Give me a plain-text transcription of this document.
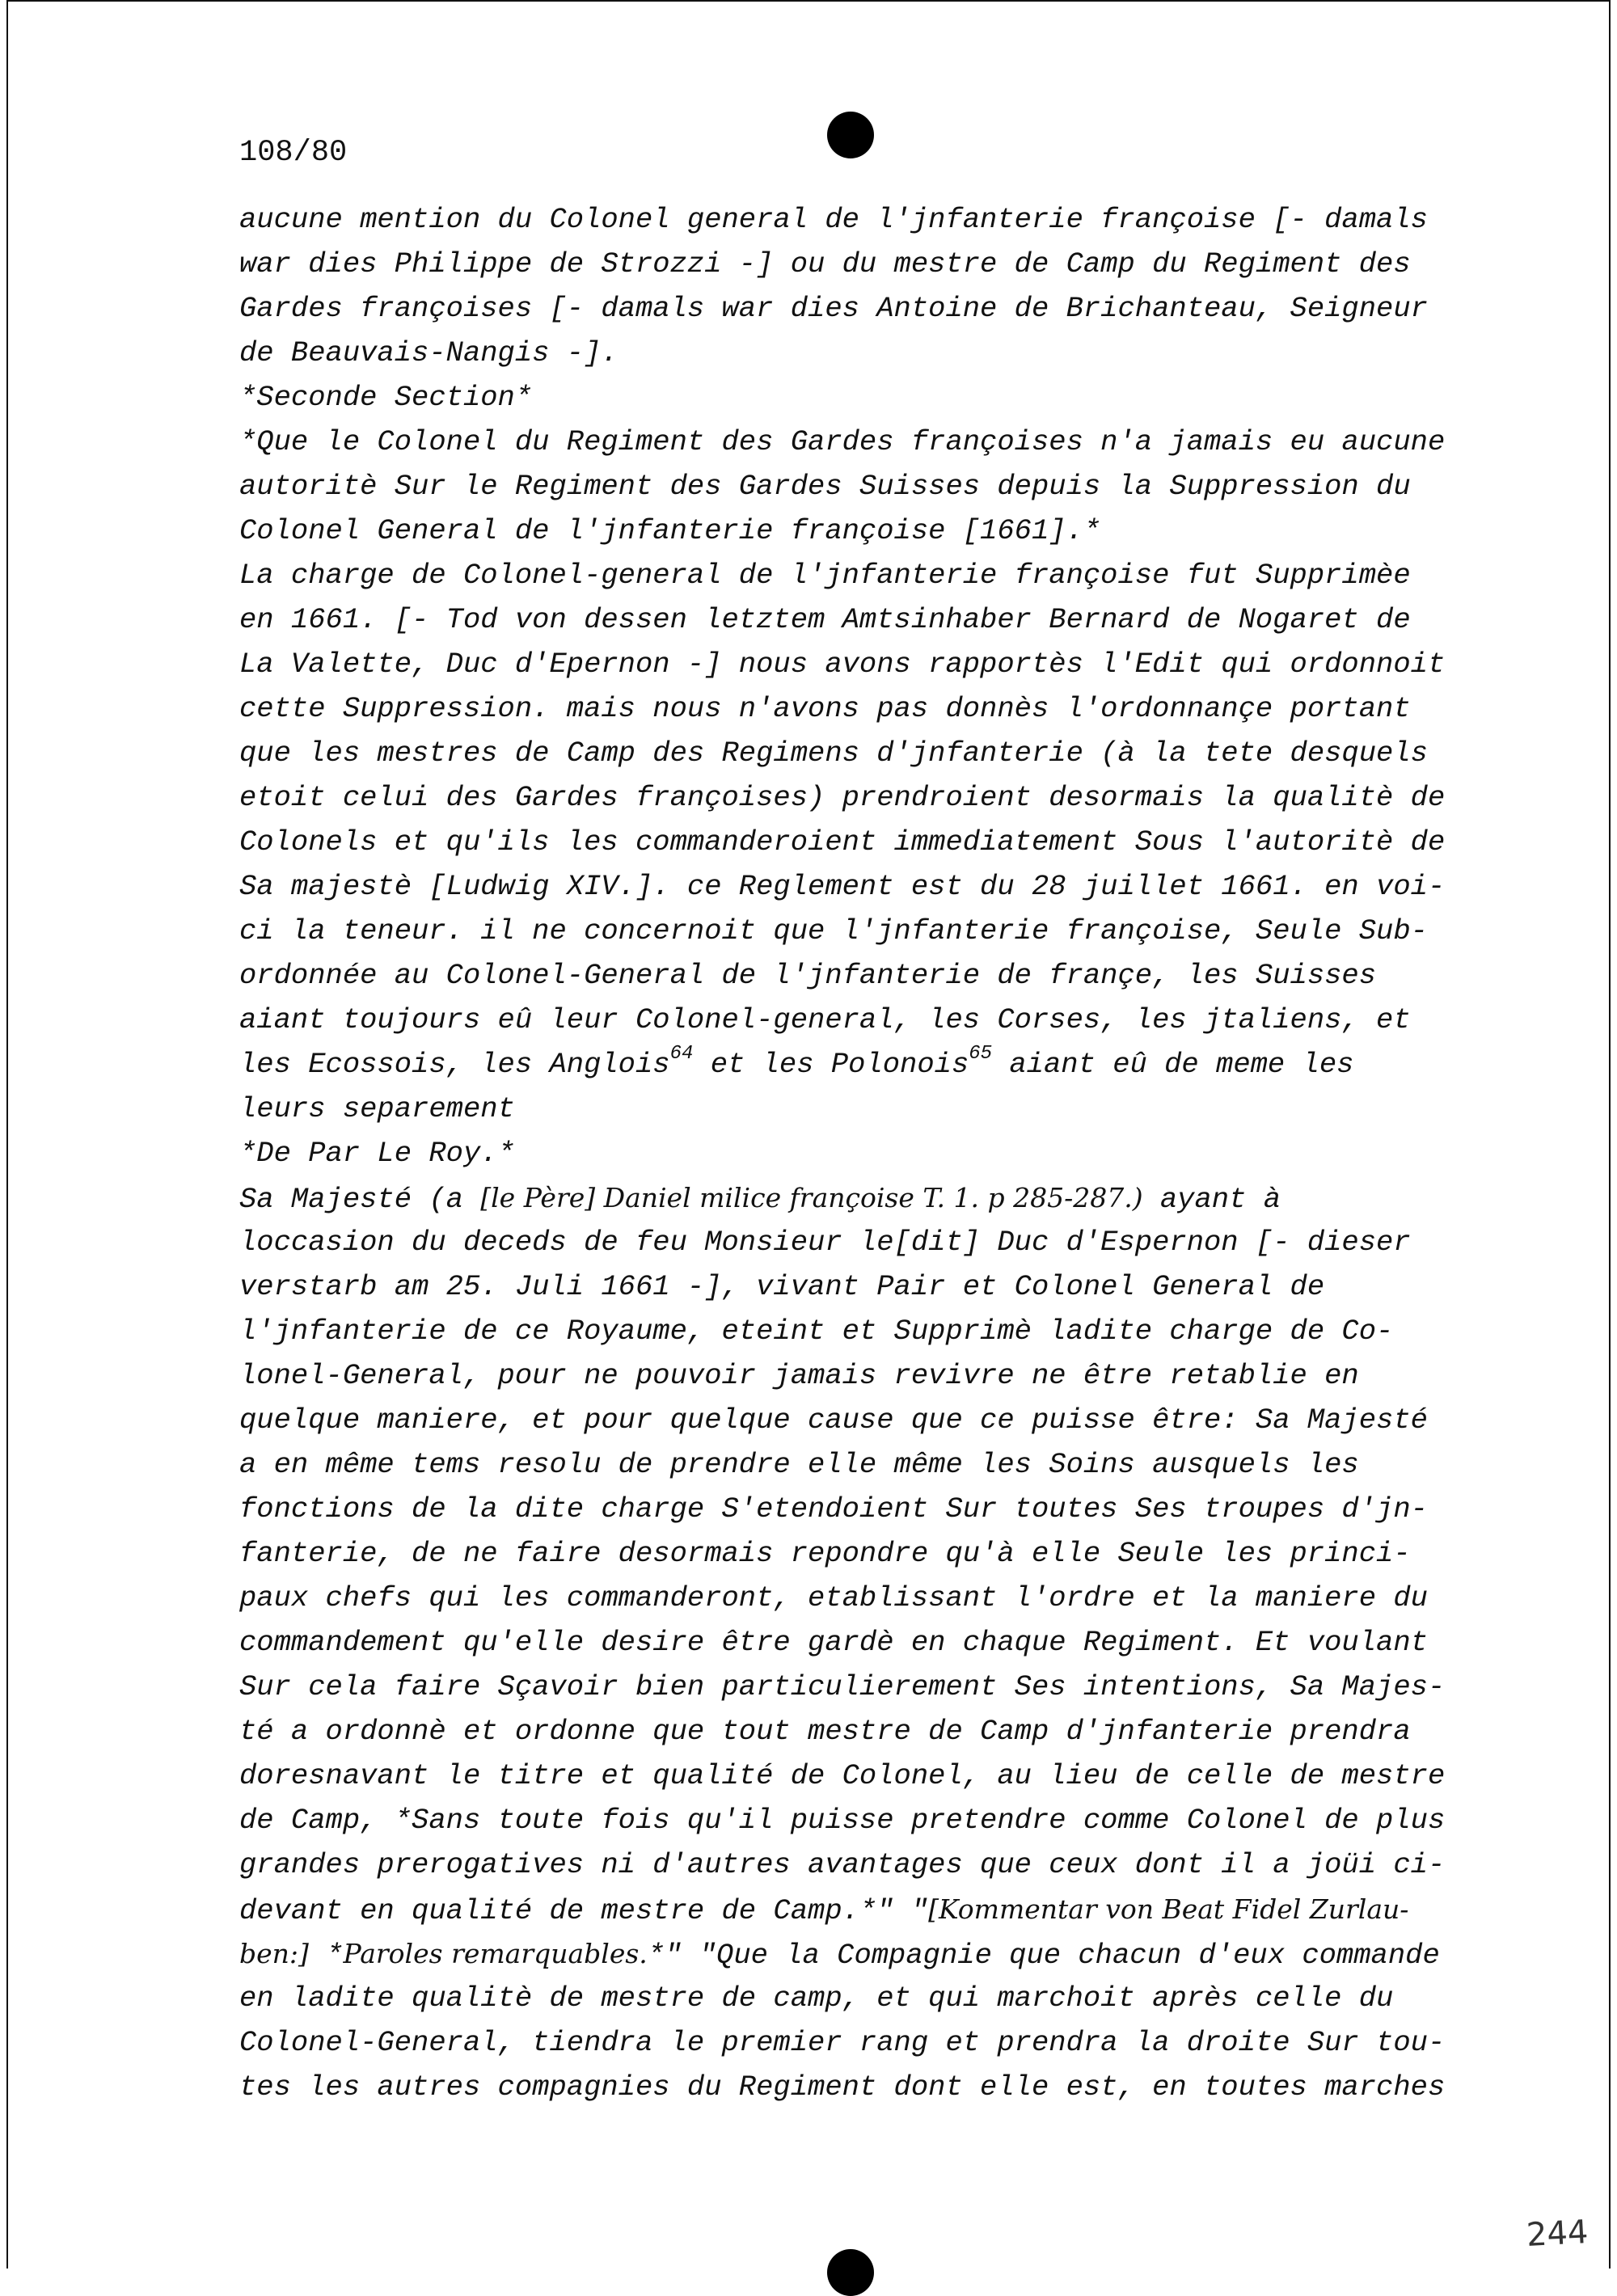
108/80
aucune mention du Colonel general de l'jnfanterie françoise [- damals
war dies Philippe de Strozzi -] ou du mestre de Camp du Regiment des
Gardes françoises [- damals war dies Antoine de Brichanteau, Seigneur
de Beauvais-Nangis -].
*Seconde Section*
*Que le Colonel du Regiment des Gardes françoises n'a jamais eu aucune
autoritè Sur le Regiment des Gardes Suisses depuis la Suppression du
Colonel General de l'jnfanterie françoise [1661].*
La charge de Colonel-general de l'jnfanterie françoise fut Supprimèe
en 1661. [- Tod von dessen letztem Amtsinhaber Bernard de Nogaret de
La Valette, Duc d'Epernon -] nous avons rapportès l'Edit qui ordonnoit
cette Suppression. mais nous n'avons pas donnès l'ordonnançe portant
que les mestres de Camp des Regimens d'jnfanterie (à la tete desquels
etoit celui des Gardes françoises) prendroient desormais la qualitè de
Colonels et qu'ils les commanderoient immediatement Sous l'autoritè de
Sa majestè [Ludwig XIV.]. ce Reglement est du 28 juillet 1661. en voi-
ci la teneur. il ne concernoit que l'jnfanterie françoise, Seule Sub-
ordonnée au Colonel-General de l'jnfanterie de françe, les Suisses
aiant toujours eû leur Colonel-general, les Corses, les jtaliens, et
les Ecossois, les Anglois$^{64}$ et les Polonois$^{65}$ aiant eû de meme les
leurs separement
*De Par Le Roy.*
Sa Majesté (a [le Père] Daniel milice françoise T. 1. p 285-287.) ayant à
loccasion du deceds de feu Monsieur le[dit] Duc d'Espernon [- dieser
verstarb am 25. Juli 1661 -], vivant Pair et Colonel General de
l'jnfanterie de ce Royaume, eteint et Supprimè ladite charge de Co-
lonel-General, pour ne pouvoir jamais revivre ne être retablie en
quelque maniere, et pour quelque cause que ce puisse être: Sa Majesté
a en même tems resolu de prendre elle même les Soins ausquels les
fonctions de la dite charge S'etendoient Sur toutes Ses troupes d'jn-
fanterie, de ne faire desormais repondre qu'à elle Seule les princi-
paux chefs qui les commanderont, etablissant l'ordre et la maniere du
commandement qu'elle desire être gardè en chaque Regiment. Et voulant
Sur cela faire Sçavoir bien particulierement Ses intentions, Sa Majes-
té a ordonnè et ordonne que tout mestre de Camp d'jnfanterie prendra
doresnavant le titre et qualité de Colonel, au lieu de celle de mestre
de Camp, *Sans toute fois qu'il puisse pretendre comme Colonel de plus
grandes prerogatives ni d'autres avantages que ceux dont il a joüi ci-
devant en qualité de mestre de Camp.*" "[Kommentar von Beat Fidel Zurlau-
ben:] *Paroles remarquables.*" "Que la Compagnie que chacun d'eux commande
en ladite qualitè de mestre de camp, et qui marchoit après celle du
Colonel-General, tiendra le premier rang et prendra la droite Sur tou-
tes les autres compagnies du Regiment dont elle est, en toutes marches
244
